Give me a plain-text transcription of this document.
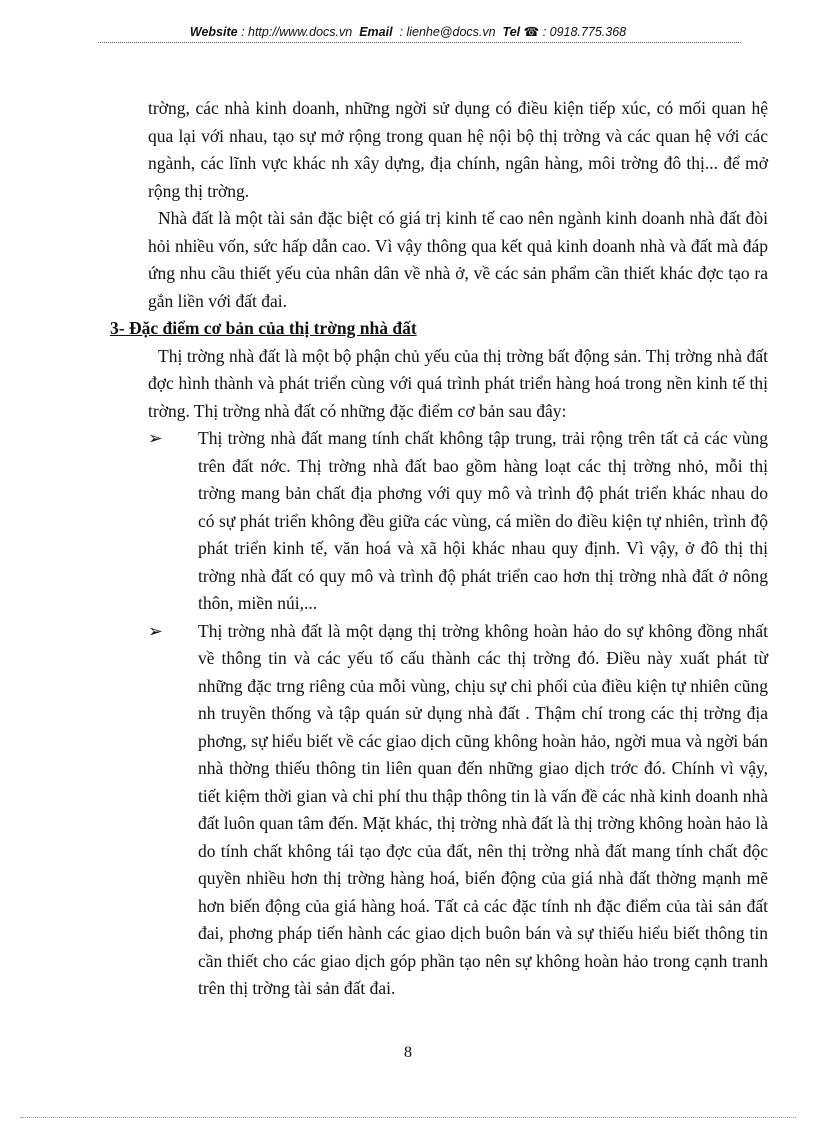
Website : http://www.docs.vn Email : lienhe@docs.vn Tel ☎ : 0918.775.368

trờng, các nhà kinh doanh, những ngời sử dụng có điều kiện tiếp xúc, có mối quan hệ qua lại với nhau, tạo sự mở rộng trong quan hệ nội bộ thị trờng và các quan hệ với các ngành, các lĩnh vực khác nh xây dựng, địa chính, ngân hàng, môi trờng đô thị... để mở rộng thị trờng.

Nhà đất là một tài sản đặc biệt có giá trị kinh tế cao nên ngành kinh doanh nhà đất đòi hỏi nhiều vốn, sức hấp dẫn cao. Vì vậy thông qua kết quả kinh doanh nhà và đất mà đáp ứng nhu cầu thiết yếu của nhân dân về nhà ở, về các sản phẩm cần thiết khác đợc tạo ra gắn liền với đất đai.

3- Đặc điểm cơ bản của thị trờng nhà đất

Thị trờng nhà đất là một bộ phận chủ yếu của thị trờng bất động sản. Thị trờng nhà đất đợc hình thành và phát triển cùng với quá trình phát triển hàng hoá trong nền kinh tế thị trờng. Thị trờng nhà đất có những đặc điểm cơ bản sau đây:

➢ Thị trờng nhà đất mang tính chất không tập trung, trải rộng trên tất cả các vùng trên đất nớc. Thị trờng nhà đất bao gồm hàng loạt các thị trờng nhỏ, mỗi thị trờng mang bản chất địa phơng với quy mô và trình độ phát triển khác nhau do có sự phát triển không đều giữa các vùng, cá miền do điều kiện tự nhiên, trình độ phát triển kinh tế, văn hoá và xã hội khác nhau quy định. Vì vậy, ở đô thị thị trờng nhà đất có quy mô và trình độ phát triển cao hơn thị trờng nhà đất ở nông thôn, miền núi,...

➢ Thị trờng nhà đất là một dạng thị trờng không hoàn hảo do sự không đồng nhất về thông tin và các yếu tố cấu thành các thị trờng đó. Điều này xuất phát từ những đặc trng riêng của mỗi vùng, chịu sự chi phối của điều kiện tự nhiên cũng nh truyền thống và tập quán sử dụng nhà đất . Thậm chí trong các thị trờng địa phơng, sự hiểu biết về các giao dịch cũng không hoàn hảo, ngời mua và ngời bán nhà thờng thiếu thông tin liên quan đến những giao dịch trớc đó. Chính vì vậy, tiết kiệm thời gian và chi phí thu thập thông tin là vấn đề các nhà kinh doanh nhà đất luôn quan tâm đến. Mặt khác, thị trờng nhà đất là thị trờng không hoàn hảo là do tính chất không tái tạo đợc của đất, nên thị trờng nhà đất mang tính chất độc quyền nhiều hơn thị trờng hàng hoá, biến động của giá nhà đất thờng mạnh mẽ hơn biến động của giá hàng hoá. Tất cả các đặc tính nh đặc điểm của tài sản đất đai, phơng pháp tiến hành các giao dịch buôn bán và sự thiếu hiểu biết thông tin cần thiết cho các giao dịch góp phần tạo nên sự không hoàn hảo trong cạnh tranh trên thị trờng tài sản đất đai.

8
